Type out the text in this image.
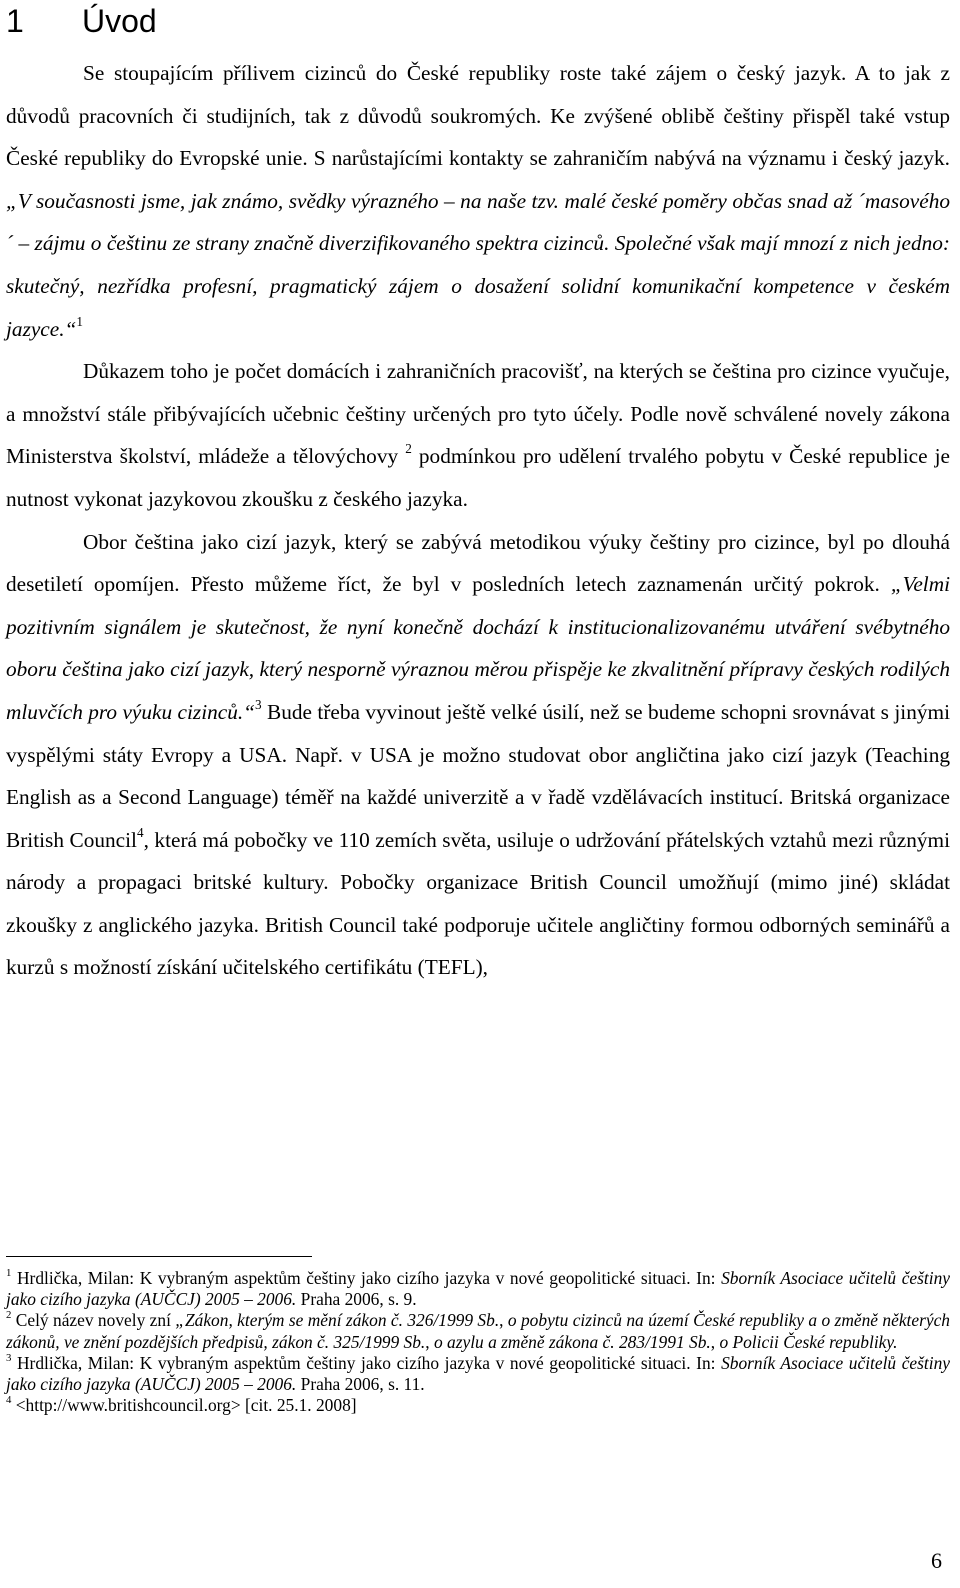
1 Úvod

Se stoupajícím přílivem cizinců do České republiky roste také zájem o český jazyk. A to jak z důvodů pracovních či studijních, tak z důvodů soukromých. Ke zvýšené oblibě češtiny přispěl také vstup České republiky do Evropské unie. S narůstajícími kontakty se zahraničím nabývá na významu i český jazyk. „V současnosti jsme, jak známo, svědky výrazného – na naše tzv. malé české poměry občas snad až ´masového´ – zájmu o češtinu ze strany značně diverzifikovaného spektra cizinců. Společné však mají mnozí z nich jedno: skutečný, nezřídka profesní, pragmatický zájem o dosažení solidní komunikační kompetence v českém jazyce.“$^1$

Důkazem toho je počet domácích i zahraničních pracovišť, na kterých se čeština pro cizince vyučuje, a množství stále přibývajících učebnic češtiny určených pro tyto účely. Podle nově schválené novely zákona Ministerstva školství, mládeže a tělovýchovy $^2$ podmínkou pro udělení trvalého pobytu v České republice je nutnost vykonat jazykovou zkoušku z českého jazyka.

Obor čeština jako cizí jazyk, který se zabývá metodikou výuky češtiny pro cizince, byl po dlouhá desetiletí opomíjen. Přesto můžeme říct, že byl v posledních letech zaznamenán určitý pokrok. „Velmi pozitivním signálem je skutečnost, že nyní konečně dochází k institucionalizovanému utváření svébytného oboru čeština jako cizí jazyk, který nesporně výraznou měrou přispěje ke zkvalitnění přípravy českých rodilých mluvčích pro výuku cizinců.“$^3$ Bude třeba vyvinout ještě velké úsilí, než se budeme schopni srovnávat s jinými vyspělými státy Evropy a USA. Např. v USA je možno studovat obor angličtina jako cizí jazyk (Teaching English as a Second Language) téměř na každé univerzitě a v řadě vzdělávacích institucí. Britská organizace British Council$^4$, která má pobočky ve 110 zemích světa, usiluje o udržování přátelských vztahů mezi různými národy a propagaci britské kultury. Pobočky organizace British Council umožňují (mimo jiné) skládat zkoušky z anglického jazyka. British Council také podporuje učitele angličtiny formou odborných seminářů a kurzů s možností získání učitelského certifikátu (TEFL),

$^1$ Hrdlička, Milan: K vybraným aspektům češtiny jako cizího jazyka v nové geopolitické situaci. In: Sborník Asociace učitelů češtiny jako cizího jazyka (AUČCJ) 2005 – 2006. Praha 2006, s. 9.

$^2$ Celý název novely zní „Zákon, kterým se mění zákon č. 326/1999 Sb., o pobytu cizinců na území České republiky a o změně některých zákonů, ve znění pozdějších předpisů, zákon č. 325/1999 Sb., o azylu a změně zákona č. 283/1991 Sb., o Policii České republiky.

$^3$ Hrdlička, Milan: K vybraným aspektům češtiny jako cizího jazyka v nové geopolitické situaci. In: Sborník Asociace učitelů češtiny jako cizího jazyka (AUČCJ) 2005 – 2006. Praha 2006, s. 11.

$^4$ <http://www.britishcouncil.org> [cit. 25.1. 2008]

6
